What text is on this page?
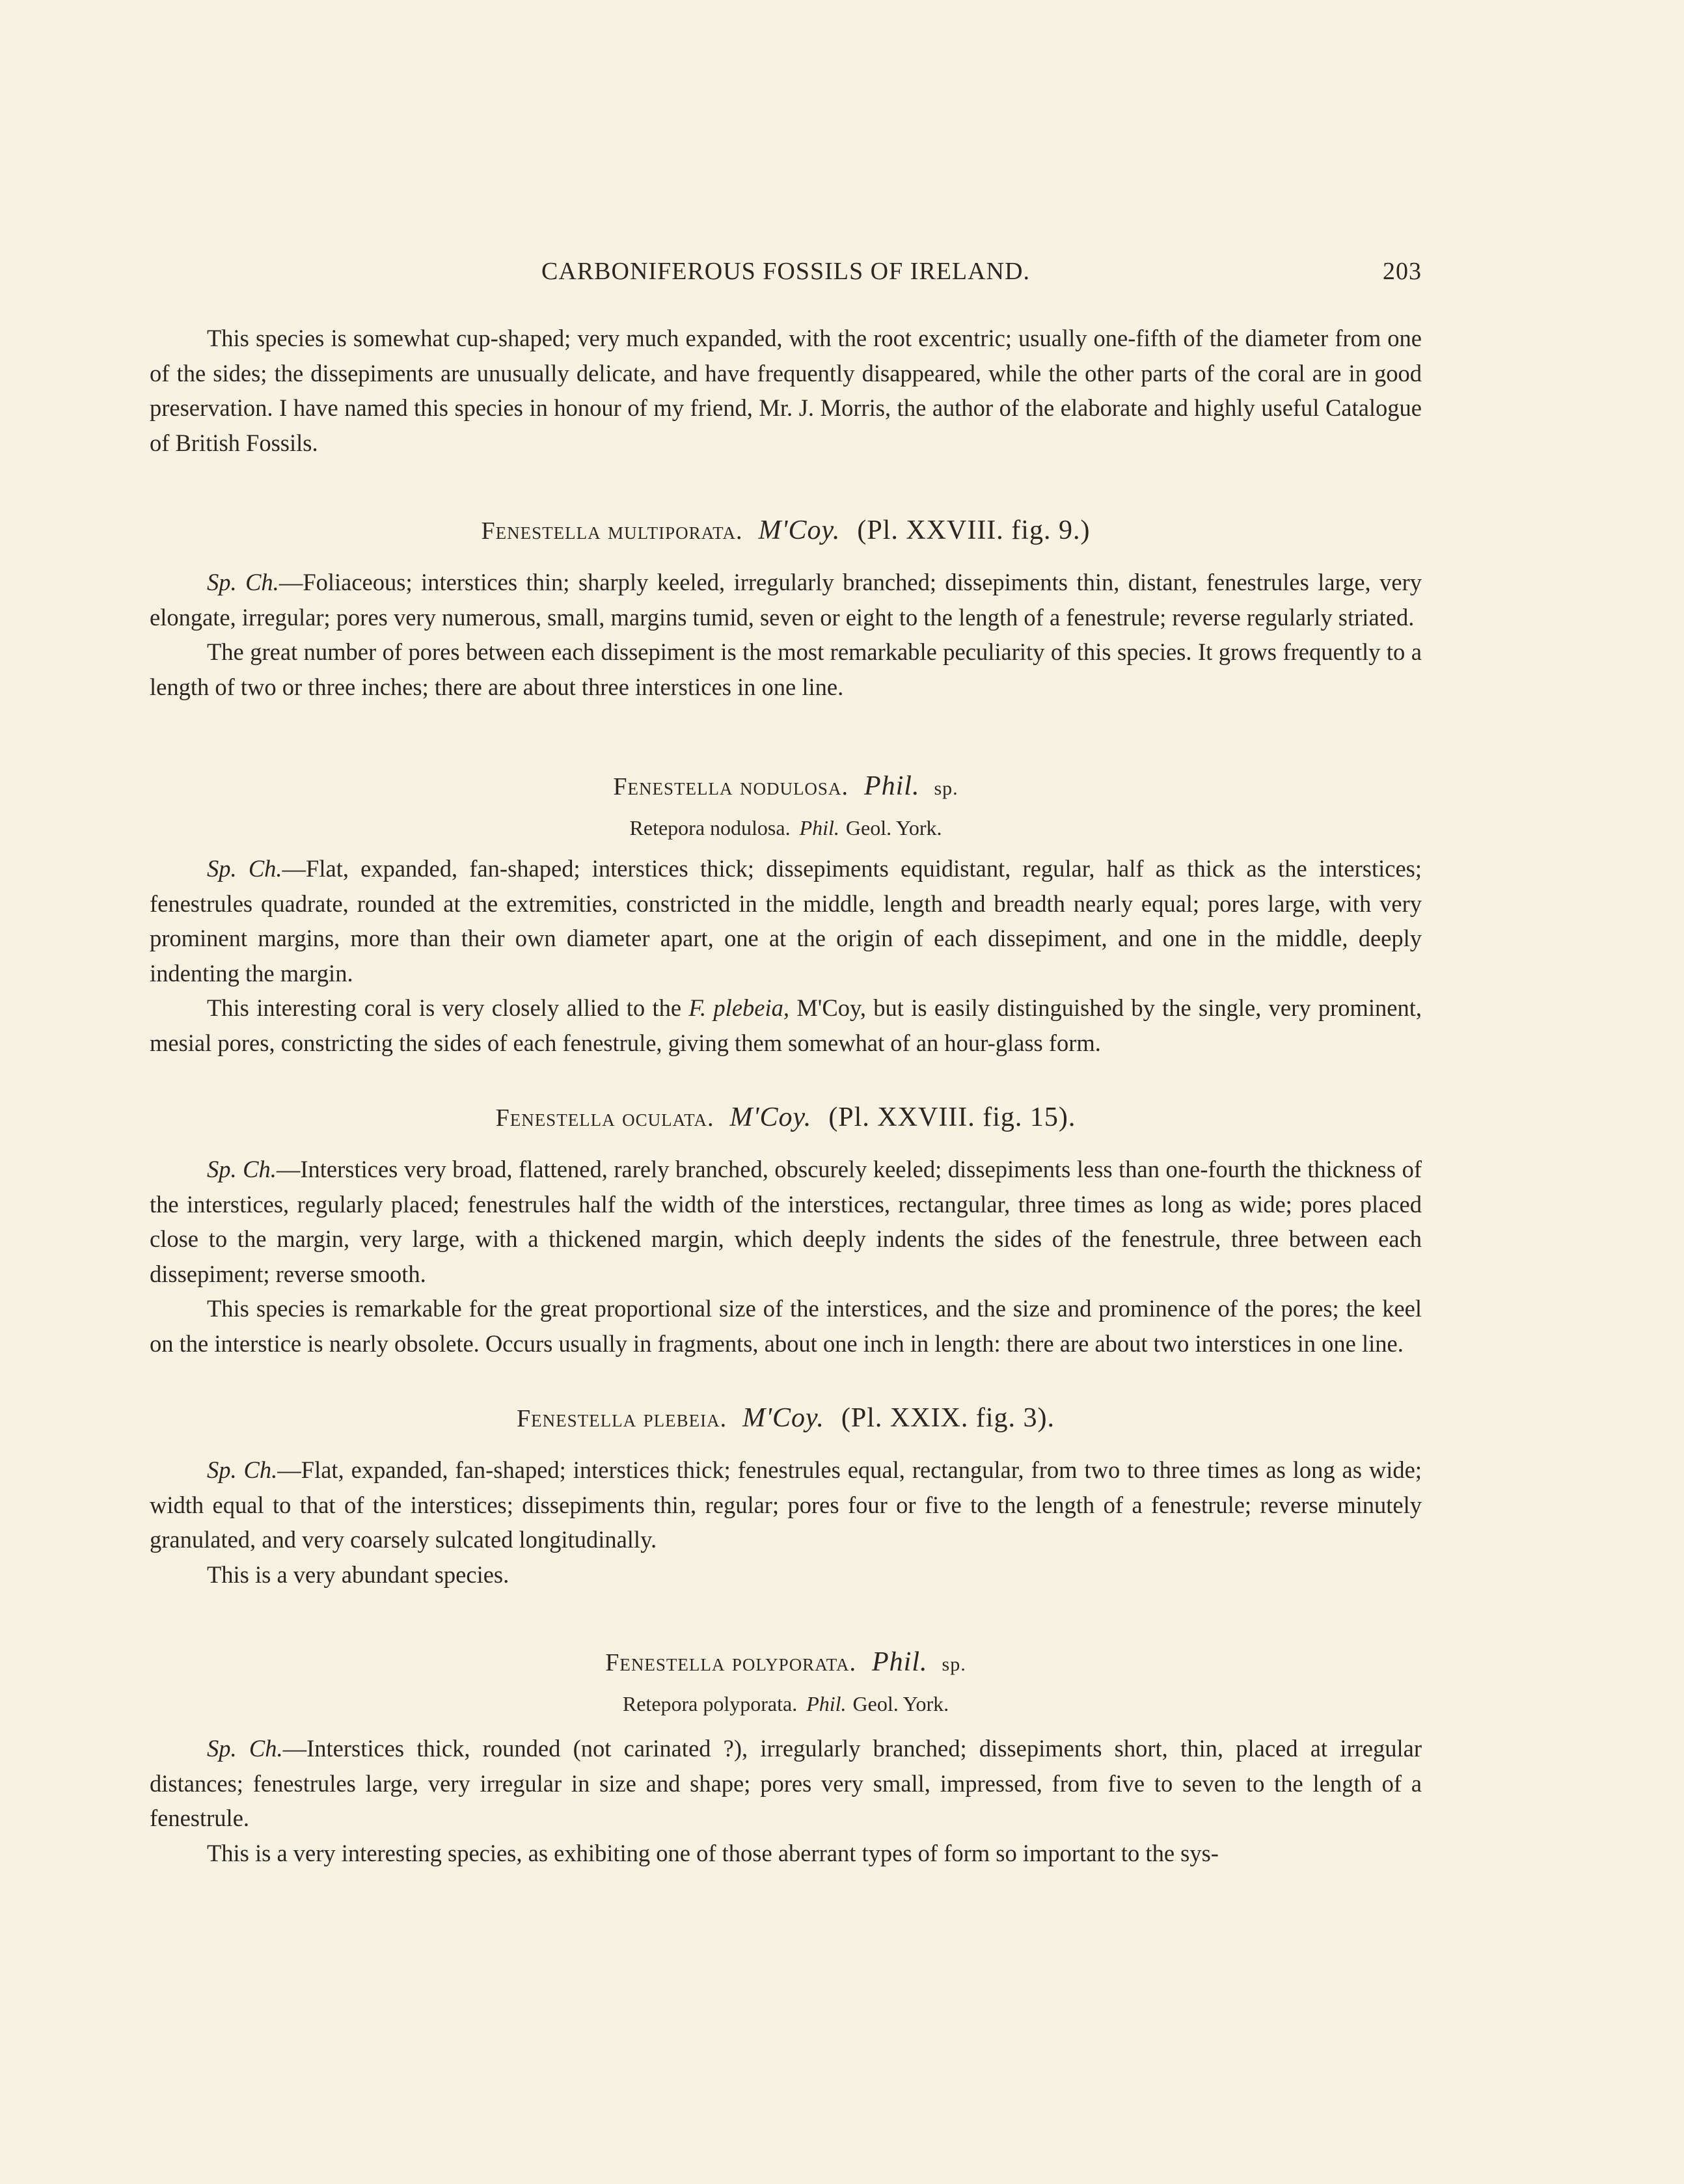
CARBONIFEROUS FOSSILS OF IRELAND.	203

This species is somewhat cup-shaped; very much expanded, with the root excentric; usually one-fifth of the diameter from one of the sides; the dissepiments are unusually delicate, and have frequently disappeared, while the other parts of the coral are in good preservation. I have named this species in honour of my friend, Mr. J. Morris, the author of the elaborate and highly useful Catalogue of British Fossils.

Fenestella multiporata. M'Coy. (Pl. XXVIII. fig. 9.)

Sp. Ch.—Foliaceous; interstices thin; sharply keeled, irregularly branched; dissepiments thin, distant, fenestrules large, very elongate, irregular; pores very numerous, small, margins tumid, seven or eight to the length of a fenestrule; reverse regularly striated.

The great number of pores between each dissepiment is the most remarkable peculiarity of this species. It grows frequently to a length of two or three inches; there are about three interstices in one line.

Fenestella nodulosa. Phil. sp.
Retepora nodulosa. Phil. Geol. York.

Sp. Ch.—Flat, expanded, fan-shaped; interstices thick; dissepiments equidistant, regular, half as thick as the interstices; fenestrules quadrate, rounded at the extremities, constricted in the middle, length and breadth nearly equal; pores large, with very prominent margins, more than their own diameter apart, one at the origin of each dissepiment, and one in the middle, deeply indenting the margin.

This interesting coral is very closely allied to the F. plebeia, M'Coy, but is easily distinguished by the single, very prominent, mesial pores, constricting the sides of each fenestrule, giving them somewhat of an hour-glass form.

Fenestella oculata. M'Coy. (Pl. XXVIII. fig. 15).

Sp. Ch.—Interstices very broad, flattened, rarely branched, obscurely keeled; dissepiments less than one-fourth the thickness of the interstices, regularly placed; fenestrules half the width of the interstices, rectangular, three times as long as wide; pores placed close to the margin, very large, with a thickened margin, which deeply indents the sides of the fenestrule, three between each dissepiment; reverse smooth.

This species is remarkable for the great proportional size of the interstices, and the size and prominence of the pores; the keel on the interstice is nearly obsolete. Occurs usually in fragments, about one inch in length: there are about two interstices in one line.

Fenestella plebeia. M'Coy. (Pl. XXIX. fig. 3).

Sp. Ch.—Flat, expanded, fan-shaped; interstices thick; fenestrules equal, rectangular, from two to three times as long as wide; width equal to that of the interstices; dissepiments thin, regular; pores four or five to the length of a fenestrule; reverse minutely granulated, and very coarsely sulcated longitudinally.

This is a very abundant species.

Fenestella polyporata. Phil. sp.
Retepora polyporata. Phil. Geol. York.

Sp. Ch.—Interstices thick, rounded (not carinated ?), irregularly branched; dissepiments short, thin, placed at irregular distances; fenestrules large, very irregular in size and shape; pores very small, impressed, from five to seven to the length of a fenestrule.

This is a very interesting species, as exhibiting one of those aberrant types of form so important to the sys-
